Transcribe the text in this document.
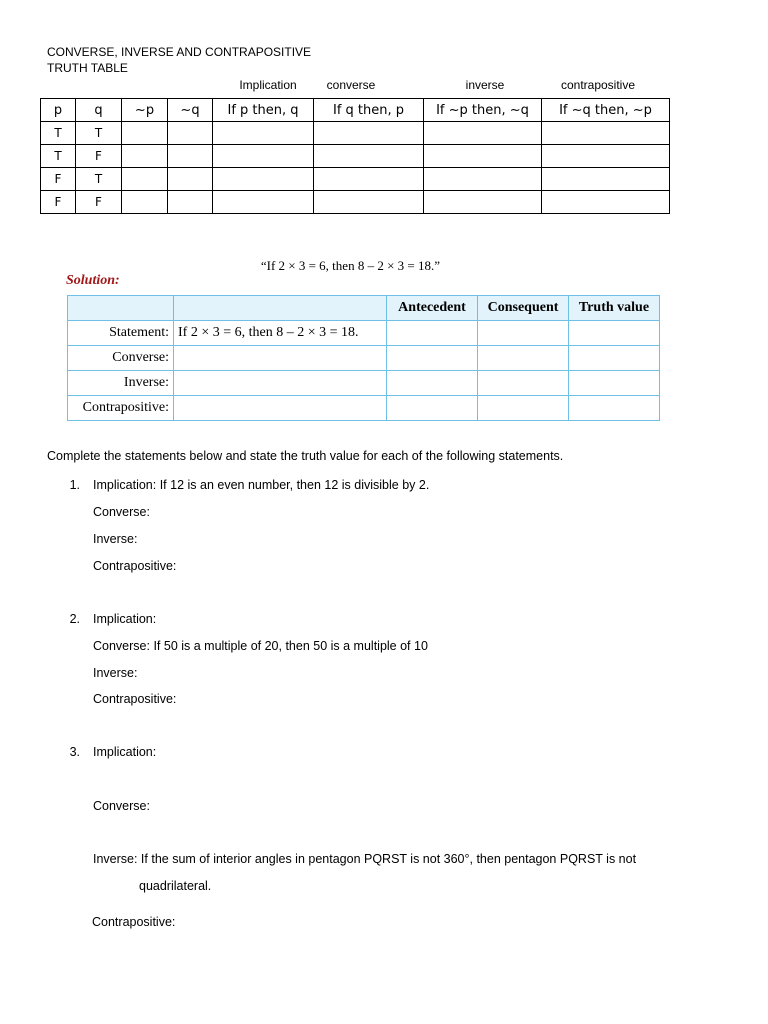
CONVERSE, INVERSE AND CONTRAPOSITIVE
TRUTH TABLE
Implication converse	inverse	contrapositive
p	q	~p	~q	If p then, q	If q then, p	If ~p then, ~q	If ~q then, ~p
T	T						
T	F						
F	T						
F	F						
“If 2 × 3 = 6, then 8 – 2 × 3 = 18.”
Solution:
		Antecedent	Consequent	Truth value
Statement:	If 2 × 3 = 6, then 8 – 2 × 3 = 18.			
Converse:				
Inverse:				
Contrapositive:				
Complete the statements below and state the truth value for each of the following statements.
1. Implication: If 12 is an even number, then 12 is divisible by 2.
Converse:
Inverse:
Contrapositive:
2. Implication:
Converse: If 50 is a multiple of 20, then 50 is a multiple of 10
Inverse:
Contrapositive:
3. Implication:
Converse:
Inverse: If the sum of interior angles in pentagon PQRST is not 360°, then pentagon PQRST is not
quadrilateral.
Contrapositive:
